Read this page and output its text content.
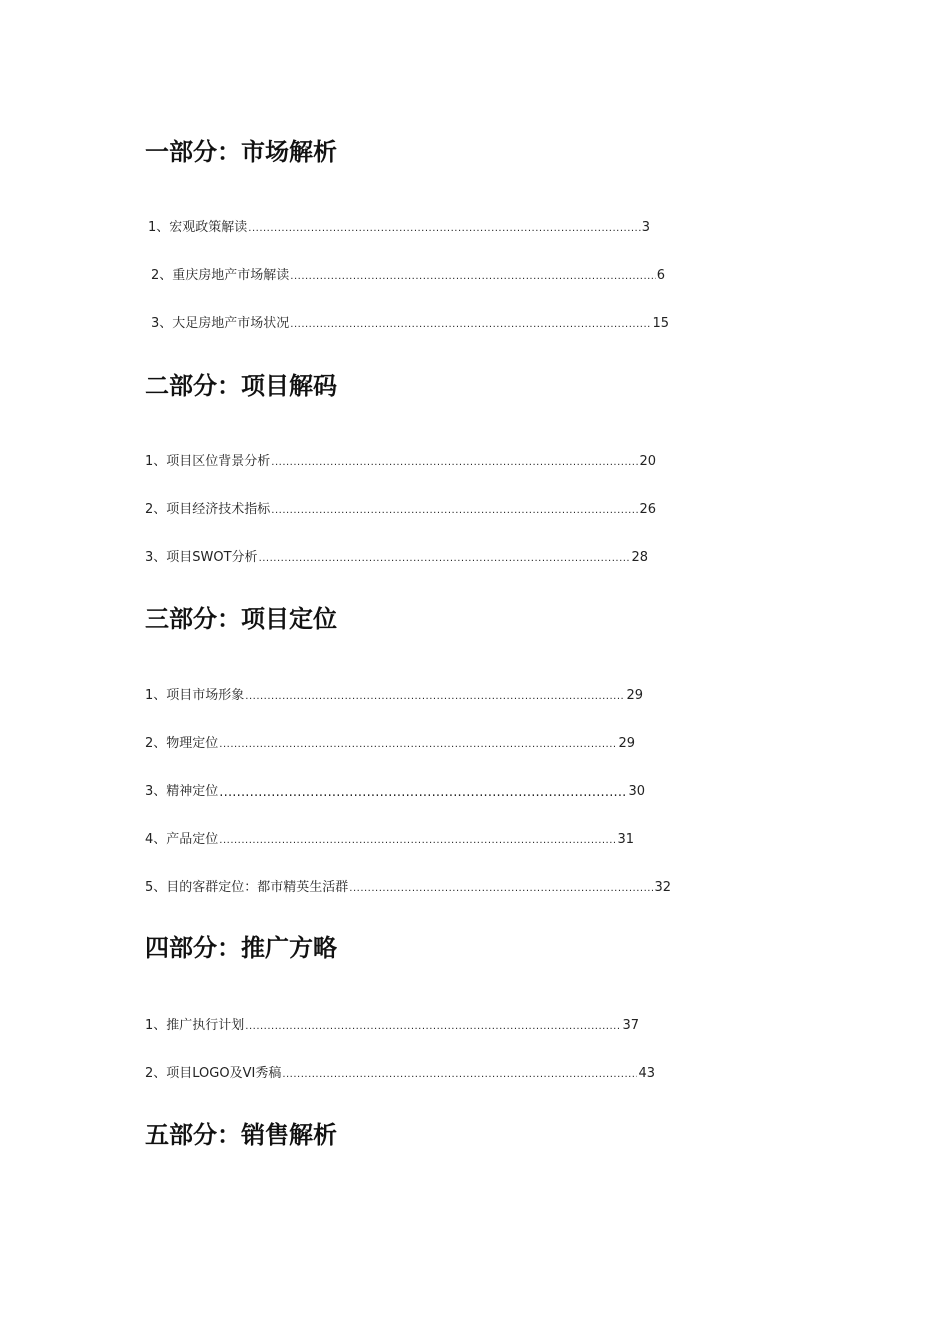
一部分：市场解析
1、宏观政策解读 .....	3
2、重庆房地产市场解读 .....	6
3、大足房地产市场状况 .....	15
二部分：项目解码
1、项目区位背景分析 .....	20
2、项目经济技术指标 .....	26
3、项目SWOT分析 .....	28
三部分：项目定位
1、项目市场形象 .....	29
2、物理定位 .....	29
3、精神定位 .....	30
4、产品定位 .....	31
5、目的客群定位：都市精英生活群 .....	32
四部分：推广方略
1、推广执行计划 .....	37
2、项目LOGO及VI秀稿 .....	43
五部分：销售解析
